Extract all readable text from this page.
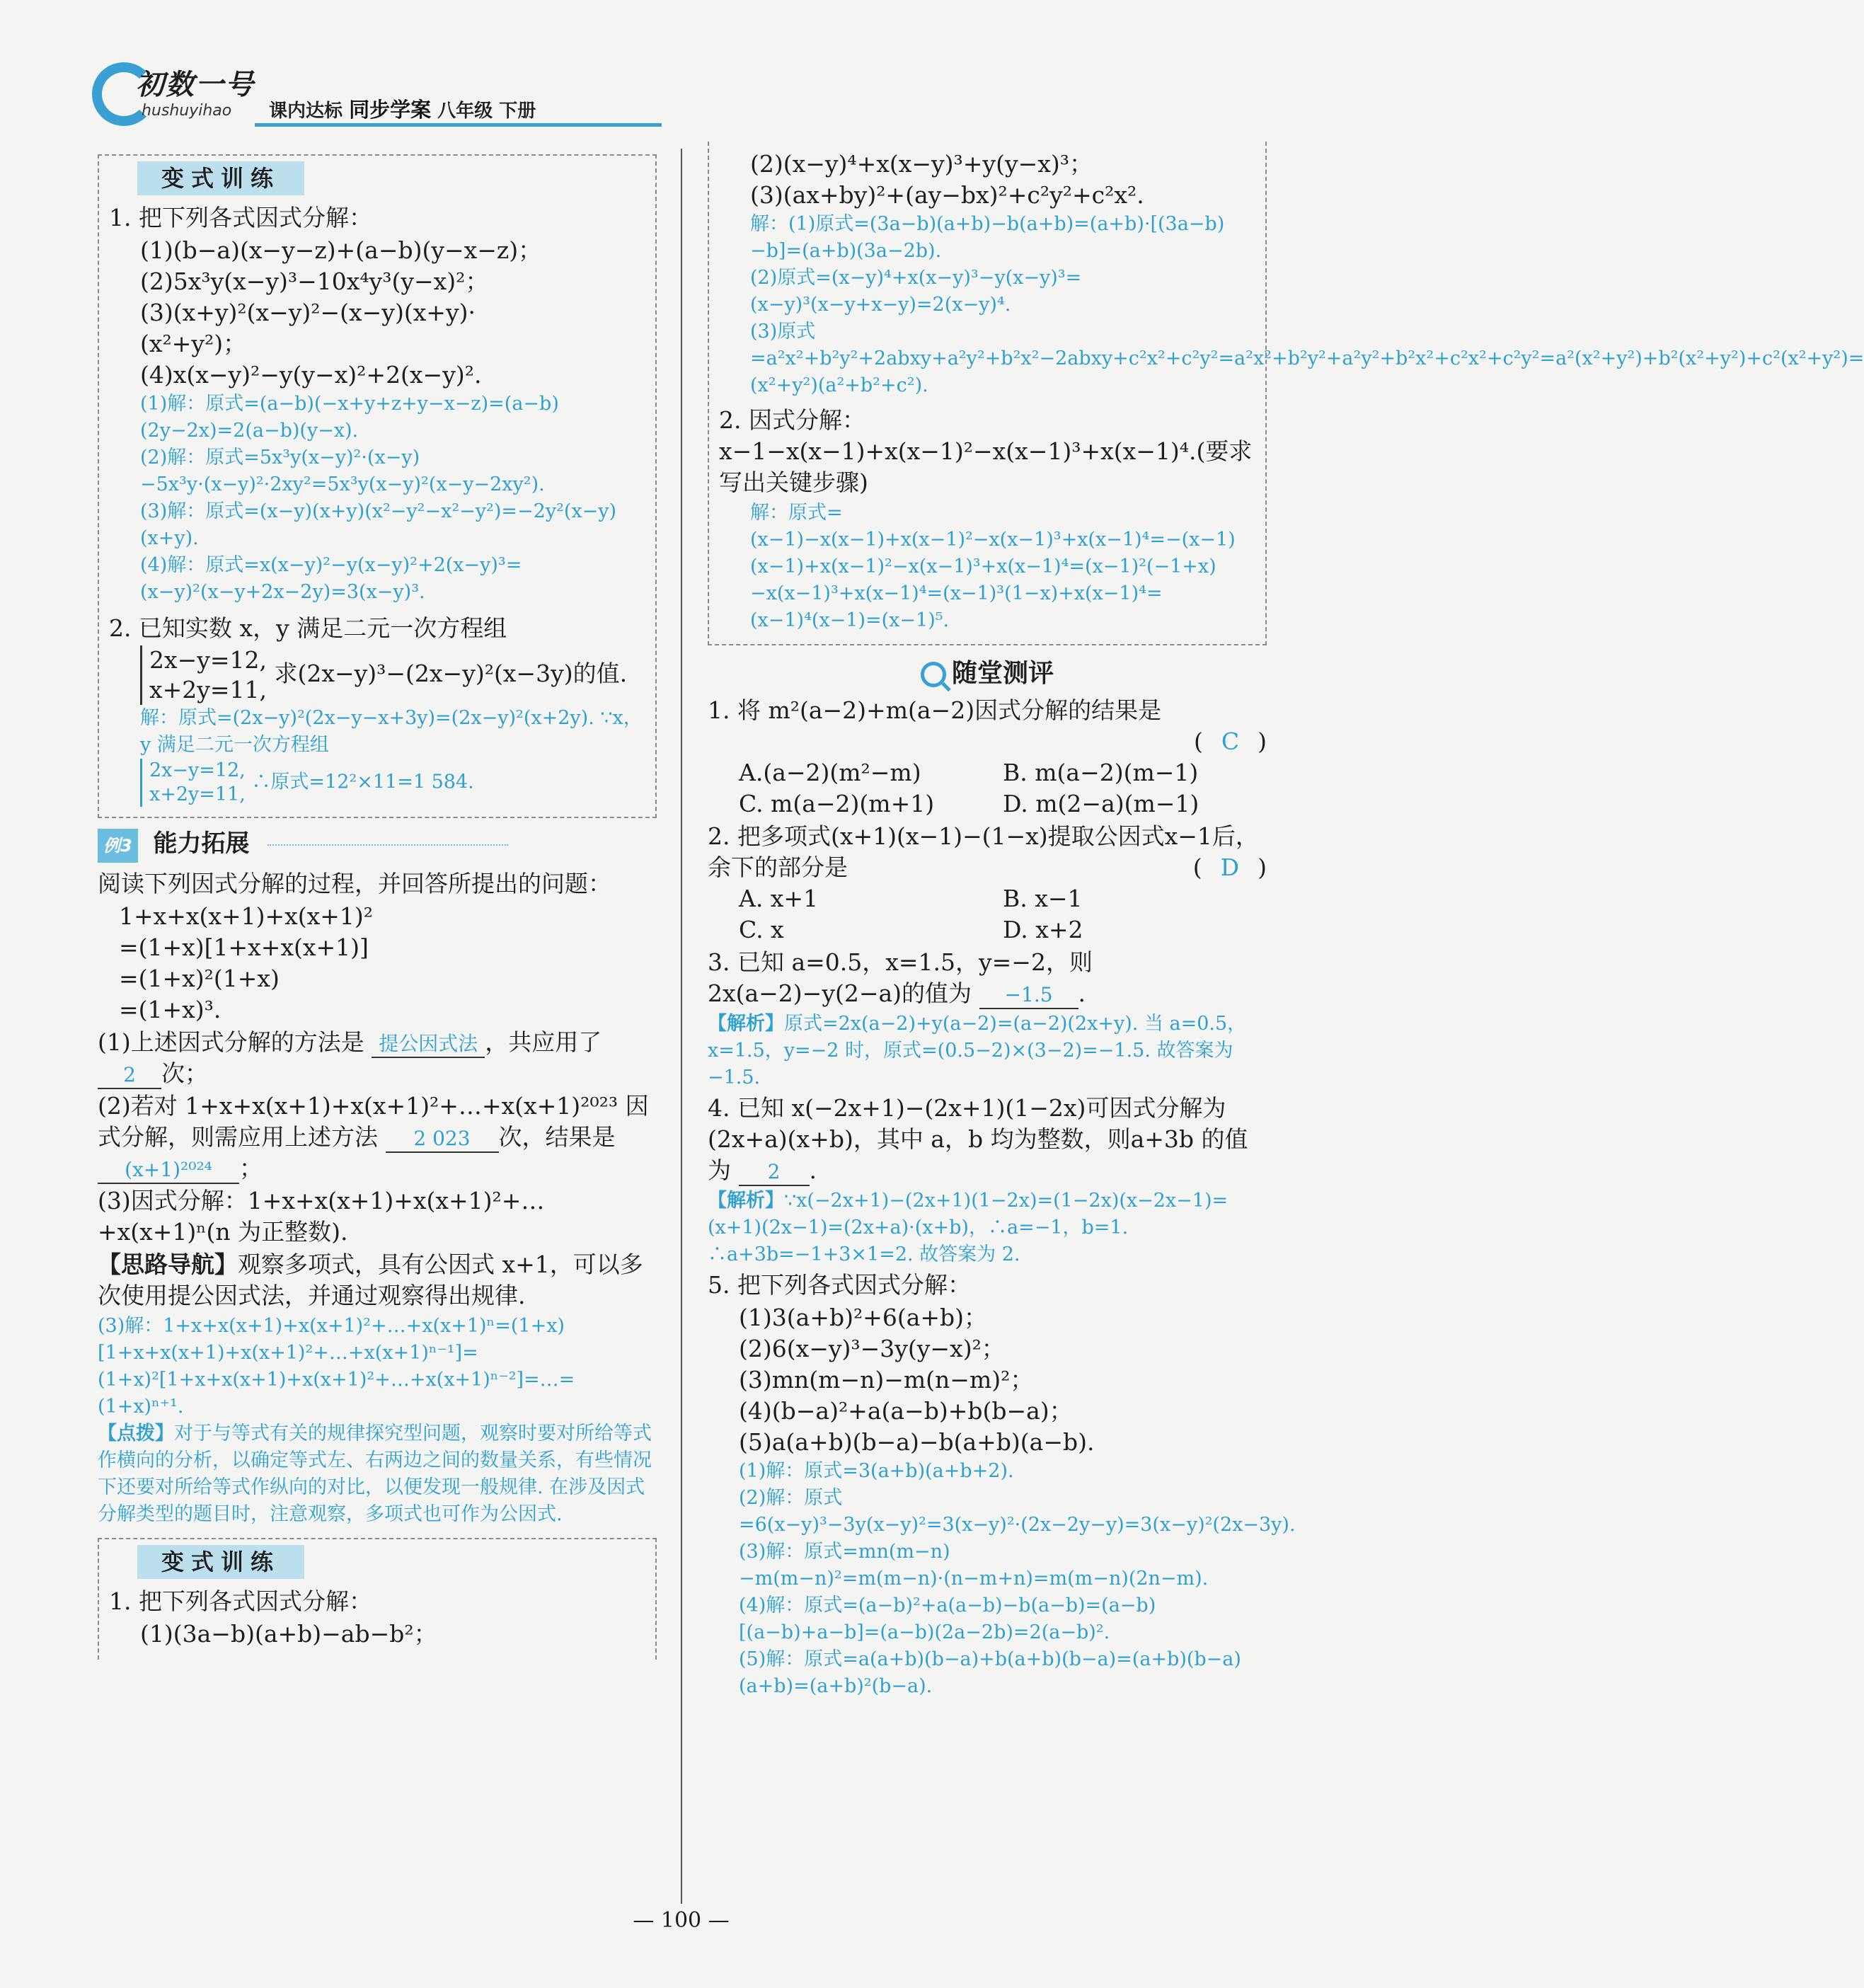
初数一号
hushuyihao 课内达标 同步学案 八年级 下册
变式训练
1. 把下列各式因式分解：
(1)(b−a)(x−y−z)+(a−b)(y−x−z)；
(2)5x³y(x−y)³−10x⁴y³(y−x)²；
(3)(x+y)²(x−y)²−(x−y)(x+y)·
(x²+y²)；
(4)x(x−y)²−y(y−x)²+2(x−y)².
(1)解：原式=(a−b)(−x+y+z+y−x−z)=(a−b)(2y−2x)=2(a−b)(y−x).
(2)解：原式=5x³y(x−y)²·(x−y)−5x³y·(x−y)²·2xy²=5x³y(x−y)²(x−y−2xy²).
(3)解：原式=(x−y)(x+y)(x²−y²−x²−y²)=−2y²(x−y)(x+y).
(4)解：原式=x(x−y)²−y(x−y)²+2(x−y)³=(x−y)²(x−y+2x−2y)=3(x−y)³.
2. 已知实数 x，y 满足二元一次方程组
2x−y=12,
x+2y=11, 求(2x−y)³−(2x−y)²(x−3y)的值.
解：原式=(2x−y)²(2x−y−x+3y)=(2x−y)²(x+2y). ∵x，y 满足二元一次方程组
2x−y=12,
x+2y=11, ∴原式=12²×11=1 584.
例3 能力拓展
阅读下列因式分解的过程，并回答所提出的问题：
1+x+x(x+1)+x(x+1)²
=(1+x)[1+x+x(x+1)]
=(1+x)²(1+x)
=(1+x)³.
(1)上述因式分解的方法是 提公因式法 ，共应用了 2 次；
(2)若对 1+x+x(x+1)+x(x+1)²+…+x(x+1)²⁰²³ 因式分解，则需应用上述方法 2 023 次，结果是 (x+1)²⁰²⁴ ；
(3)因式分解：1+x+x(x+1)+x(x+1)²+…+x(x+1)ⁿ(n 为正整数).
【思路导航】观察多项式，具有公因式 x+1，可以多次使用提公因式法，并通过观察得出规律.
(3)解：1+x+x(x+1)+x(x+1)²+…+x(x+1)ⁿ=(1+x)[1+x+x(x+1)+x(x+1)²+…+x(x+1)ⁿ⁻¹]=(1+x)²[1+x+x(x+1)+x(x+1)²+…+x(x+1)ⁿ⁻²]=…=(1+x)ⁿ⁺¹.
【点拨】对于与等式有关的规律探究型问题，观察时要对所给等式作横向的分析，以确定等式左、右两边之间的数量关系，有些情况下还要对所给等式作纵向的对比，以便发现一般规律. 在涉及因式分解类型的题目时，注意观察，多项式也可作为公因式.
变式训练
1. 把下列各式因式分解：
(1)(3a−b)(a+b)−ab−b²；
(2)(x−y)⁴+x(x−y)³+y(y−x)³；
(3)(ax+by)²+(ay−bx)²+c²y²+c²x².
解：(1)原式=(3a−b)(a+b)−b(a+b)=(a+b)·[(3a−b)−b]=(a+b)(3a−2b).
(2)原式=(x−y)⁴+x(x−y)³−y(x−y)³=(x−y)³(x−y+x−y)=2(x−y)⁴.
(3)原式=a²x²+b²y²+2abxy+a²y²+b²x²−2abxy+c²x²+c²y²=a²x²+b²y²+a²y²+b²x²+c²x²+c²y²=a²(x²+y²)+b²(x²+y²)+c²(x²+y²)=(x²+y²)(a²+b²+c²).
2. 因式分解：x−1−x(x−1)+x(x−1)²−x(x−1)³+x(x−1)⁴.(要求写出关键步骤)
解：原式=(x−1)−x(x−1)+x(x−1)²−x(x−1)³+x(x−1)⁴=−(x−1)(x−1)+x(x−1)²−x(x−1)³+x(x−1)⁴=(x−1)²(−1+x)−x(x−1)³+x(x−1)⁴=(x−1)³(1−x)+x(x−1)⁴=(x−1)⁴(x−1)=(x−1)⁵.
随堂测评
1. 将 m²(a−2)+m(a−2)因式分解的结果是
( C )
A.(a−2)(m²−m)	B. m(a−2)(m−1)
C. m(a−2)(m+1)	D. m(2−a)(m−1)
2. 把多项式(x+1)(x−1)−(1−x)提取公因式x−1后，余下的部分是	( D )
A. x+1	B. x−1
C. x	D. x+2
3. 已知 a=0.5，x=1.5，y=−2，则 2x(a−2)−y(2−a)的值为 −1.5 .
【解析】原式=2x(a−2)+y(a−2)=(a−2)(2x+y). 当 a=0.5，x=1.5，y=−2 时，原式=(0.5−2)×(3−2)=−1.5. 故答案为−1.5.
4. 已知 x(−2x+1)−(2x+1)(1−2x)可因式分解为(2x+a)(x+b)，其中 a，b 均为整数，则a+3b 的值为 2 .
【解析】∵x(−2x+1)−(2x+1)(1−2x)=(1−2x)(x−2x−1)=(x+1)(2x−1)=(2x+a)·(x+b)，∴a=−1，b=1. ∴a+3b=−1+3×1=2. 故答案为 2.
5. 把下列各式因式分解：
(1)3(a+b)²+6(a+b)；
(2)6(x−y)³−3y(y−x)²；
(3)mn(m−n)−m(n−m)²；
(4)(b−a)²+a(a−b)+b(b−a)；
(5)a(a+b)(b−a)−b(a+b)(a−b).
(1)解：原式=3(a+b)(a+b+2).
(2)解：原式=6(x−y)³−3y(x−y)²=3(x−y)²·(2x−2y−y)=3(x−y)²(2x−3y).
(3)解：原式=mn(m−n)−m(m−n)²=m(m−n)·(n−m+n)=m(m−n)(2n−m).
(4)解：原式=(a−b)²+a(a−b)−b(a−b)=(a−b)[(a−b)+a−b]=(a−b)(2a−2b)=2(a−b)².
(5)解：原式=a(a+b)(b−a)+b(a+b)(b−a)=(a+b)(b−a)(a+b)=(a+b)²(b−a).
— 100 —
